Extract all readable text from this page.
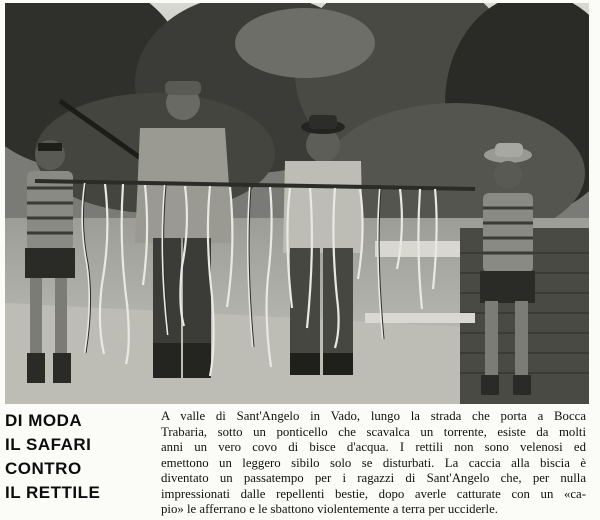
DI MODA
IL SAFARI
CONTRO
IL RETTILE
A valle di Sant'Angelo in Vado, lungo la strada che porta a Bocca
Trabaria, sotto un ponticello che scavalca un torrente, esiste da molti
anni un vero covo di bisce d'acqua. I rettili non sono velenosi ed
emettono un leggero sibilo solo se disturbati. La caccia alla biscia è
diventato un passatempo per i ragazzi di Sant'Angelo che, per nulla
impressionati dalle repellenti bestie, dopo averle catturate con un «ca-
pio» le afferrano e le sbattono violentemente a terra per ucciderle.
